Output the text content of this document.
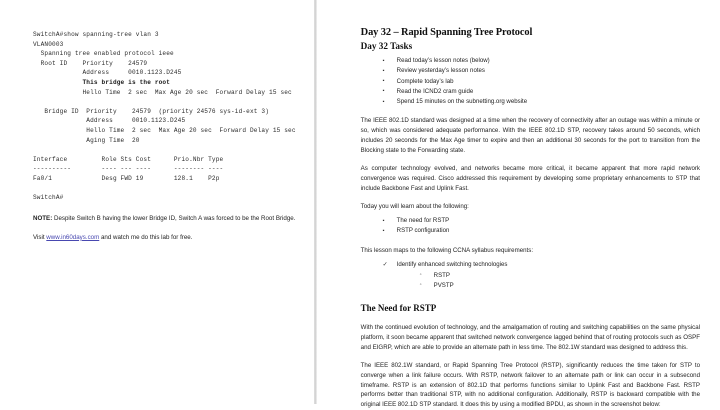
SwitchA#show spanning-tree vlan 3
VLAN0003
Spanning tree enabled protocol ieee
Root ID    Priority    24579
Address     0010.1123.D245
This bridge is the root
Hello Time  2 sec  Max Age 20 sec  Forward Delay 15 sec
Bridge ID  Priority    24579  (priority 24576 sys-id-ext 3)
Address     0010.1123.D245
Hello Time  2 sec  Max Age 20 sec  Forward Delay 15 sec
Aging Time  20
Interface         Role Sts Cost      Prio.Nbr Type
----------        ---- --- ----      -------- ----
Fa0/1             Desg FWD 19        128.1    P2p
SwitchA#
NOTE: Despite Switch B having the lower Bridge ID, Switch A was forced to be the Root Bridge.
Visit www.in60days.com and watch me do this lab for free.
Day 32 – Rapid Spanning Tree Protocol
Day 32 Tasks
▪ Read today’s lesson notes (below)
▪ Review yesterday’s lesson notes
▪ Complete today’s lab
▪ Read the ICND2 cram guide
▪ Spend 15 minutes on the subnetting.org website
The IEEE 802.1D standard was designed at a time when the recovery of connectivity after an outage was within a minute or so, which was considered adequate performance. With the IEEE 802.1D STP, recovery takes around 50 seconds, which includes 20 seconds for the Max Age timer to expire and then an additional 30 seconds for the port to transition from the Blocking state to the Forwarding state.
As computer technology evolved, and networks became more critical, it became apparent that more rapid network convergence was required. Cisco addressed this requirement by developing some proprietary enhancements to STP that include Backbone Fast and Uplink Fast.
Today you will learn about the following:
▪ The need for RSTP
▪ RSTP configuration
This lesson maps to the following CCNA syllabus requirements:
✓ Identify enhanced switching technologies
◦ RSTP
◦ PVSTP
The Need for RSTP
With the continued evolution of technology, and the amalgamation of routing and switching capabilities on the same physical platform, it soon became apparent that switched network convergence lagged behind that of routing protocols such as OSPF and EIGRP, which are able to provide an alternate path in less time. The 802.1W standard was designed to address this.
The IEEE 802.1W standard, or Rapid Spanning Tree Protocol (RSTP), significantly reduces the time taken for STP to converge when a link failure occurs. With RSTP, network failover to an alternate path or link can occur in a subsecond timeframe. RSTP is an extension of 802.1D that performs functions similar to Uplink Fast and Backbone Fast. RSTP performs better than traditional STP, with no additional configuration. Additionally, RSTP is backward compatible with the original IEEE 802.1D STP standard. It does this by using a modified BPDU, as shown in the screenshot below:
